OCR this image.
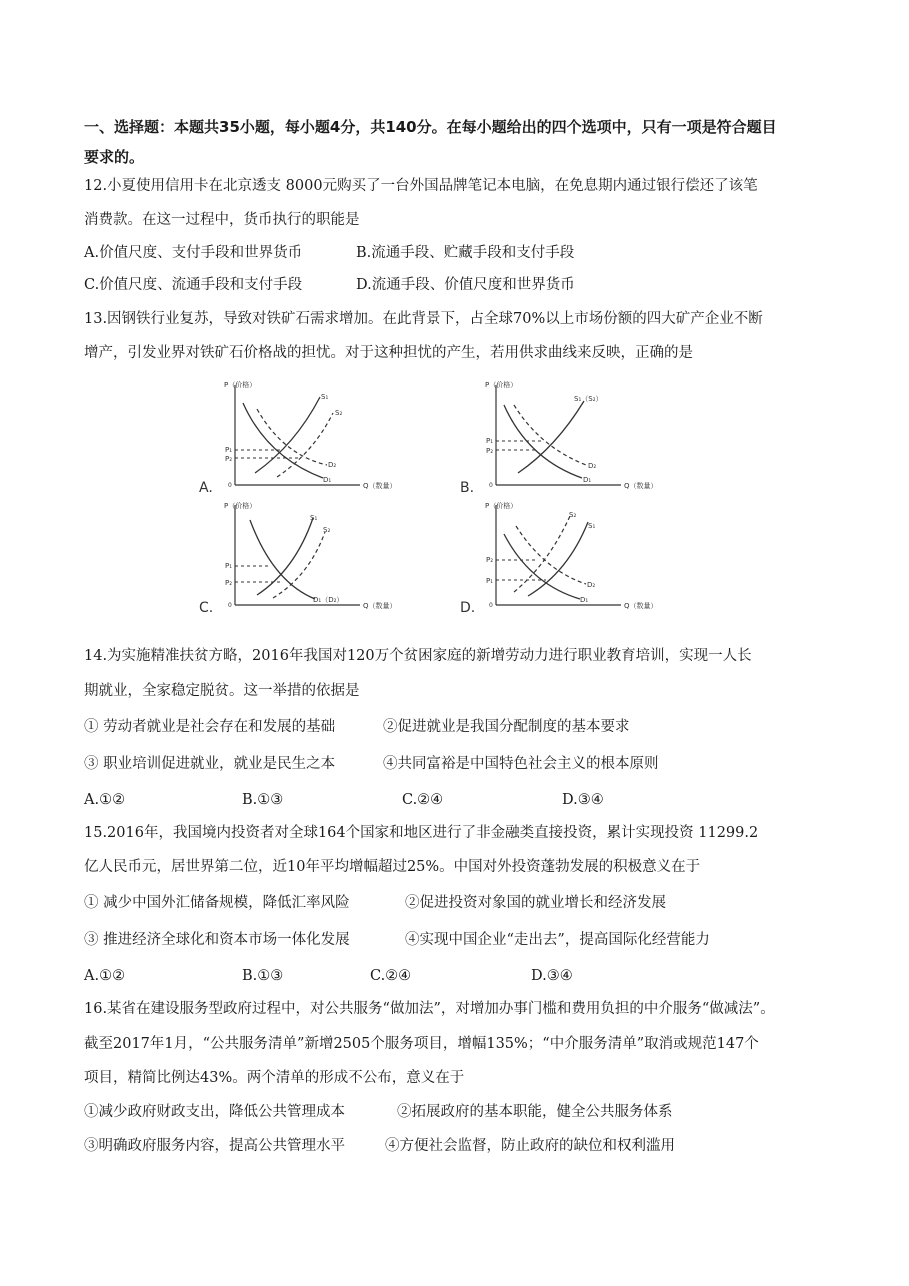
一、选择题：本题共35小题，每小题4分，共140分。在每小题给出的四个选项中，只有一项是符合题目
要求的。
12.小夏使用信用卡在北京透支 8000元购买了一台外国品牌笔记本电脑，在免息期内通过银行偿还了该笔
消费款。在这一过程中，货币执行的职能是
A.价值尺度、支付手段和世界货币	B.流通手段、贮藏手段和支付手段
C.价值尺度、流通手段和支付手段	D.流通手段、价值尺度和世界货币
13.因钢铁行业复苏，导致对铁矿石需求增加。在此背景下，占全球70%以上市场份额的四大矿产企业不断
增产，引发业界对铁矿石价格战的担忧。对于这种担忧的产生，若用供求曲线来反映，正确的是
P（价格）
Q（数量）
0
A.
S₁
S₂
D₂
D₁
P₁
P₂
P（价格）
Q（数量）
0
B.
S₁（S₂）
D₂
D₁
P₁
P₂
P（价格）
Q（数量）
0
C.
S₁
S₂
D₁（D₂）
P₁
P₂
P（价格）
Q（数量）
0
D.
S₂
S₁
D₂
D₁
P₂
P₁
14.为实施精准扶贫方略，2016年我国对120万个贫困家庭的新增劳动力进行职业教育培训，实现一人长
期就业，全家稳定脱贫。这一举措的依据是
① 劳动者就业是社会存在和发展的基础	②促进就业是我国分配制度的基本要求
③ 职业培训促进就业，就业是民生之本	④共同富裕是中国特色社会主义的根本原则
A.①②	B.①③	C.②④	D.③④
15.2016年，我国境内投资者对全球164个国家和地区进行了非金融类直接投资，累计实现投资 11299.2
亿人民币元，居世界第二位，近10年平均增幅超过25%。中国对外投资蓬勃发展的积极意义在于
① 减少中国外汇储备规模，降低汇率风险	②促进投资对象国的就业增长和经济发展
③ 推进经济全球化和资本市场一体化发展	④实现中国企业“走出去”，提高国际化经营能力
A.①②	B.①③	C.②④	D.③④
16.某省在建设服务型政府过程中，对公共服务“做加法”，对增加办事门槛和费用负担的中介服务“做减法”。
截至2017年1月，“公共服务清单”新增2505个服务项目，增幅135%；“中介服务清单”取消或规范147个
项目，精简比例达43%。两个清单的形成不公布，意义在于
①减少政府财政支出，降低公共管理成本	②拓展政府的基本职能，健全公共服务体系
③明确政府服务内容，提高公共管理水平	④方便社会监督，防止政府的缺位和权利滥用
